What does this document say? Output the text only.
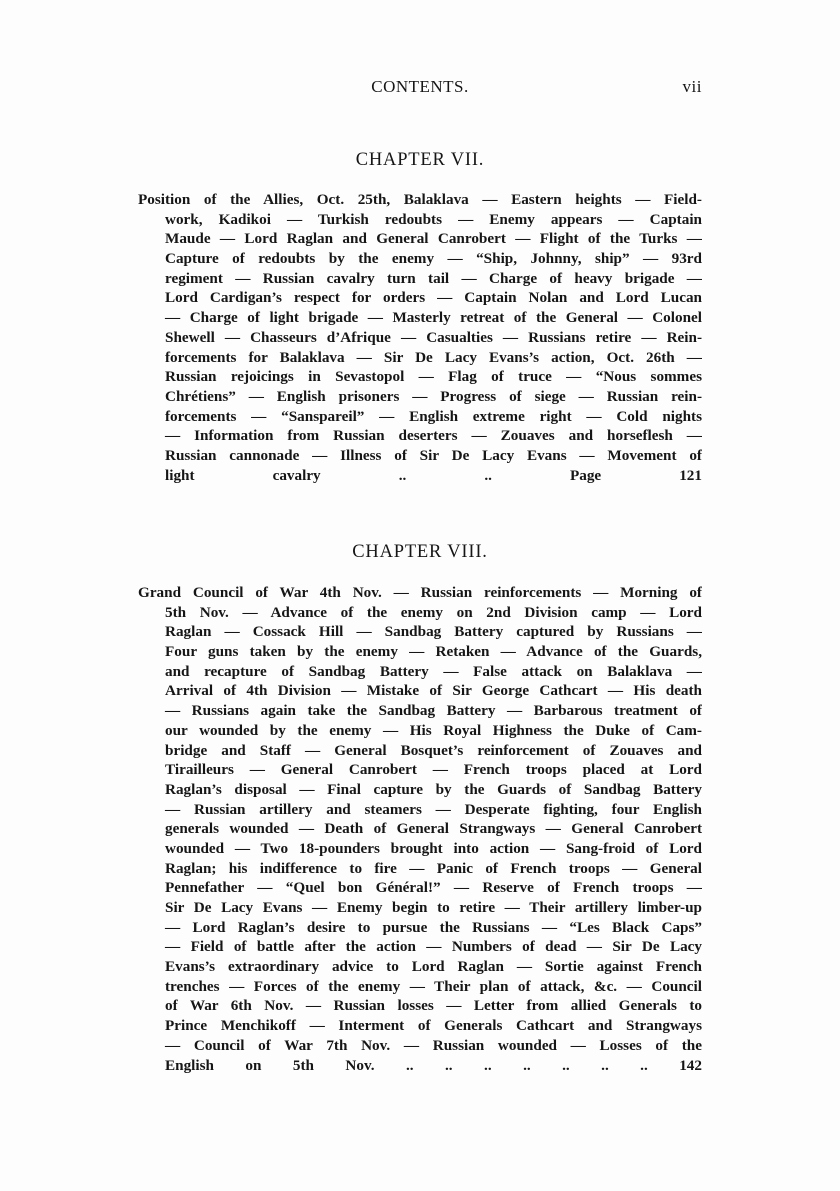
CONTENTS.	vii
CHAPTER VII.
Position of the Allies, Oct. 25th, Balaklava — Eastern heights — Field-
work, Kadikoi — Turkish redoubts — Enemy appears — Captain
Maude — Lord Raglan and General Canrobert — Flight of the Turks —
Capture of redoubts by the enemy — “Ship, Johnny, ship” — 93rd
regiment — Russian cavalry turn tail — Charge of heavy brigade —
Lord Cardigan’s respect for orders — Captain Nolan and Lord Lucan
— Charge of light brigade — Masterly retreat of the General — Colonel
Shewell — Chasseurs d’Afrique — Casualties — Russians retire — Rein-
forcements for Balaklava — Sir De Lacy Evans’s action, Oct. 26th —
Russian rejoicings in Sevastopol — Flag of truce — “Nous sommes
Chrétiens” — English prisoners — Progress of siege — Russian rein-
forcements — “Sanspareil” — English extreme right — Cold nights
— Information from Russian deserters — Zouaves and horseflesh —
Russian cannonade — Illness of Sir De Lacy Evans — Movement of
light cavalry .. .. Page 121
CHAPTER VIII.
Grand Council of War 4th Nov. — Russian reinforcements — Morning of
5th Nov. — Advance of the enemy on 2nd Division camp — Lord
Raglan — Cossack Hill — Sandbag Battery captured by Russians —
Four guns taken by the enemy — Retaken — Advance of the Guards,
and recapture of Sandbag Battery — False attack on Balaklava —
Arrival of 4th Division — Mistake of Sir George Cathcart — His death
— Russians again take the Sandbag Battery — Barbarous treatment of
our wounded by the enemy — His Royal Highness the Duke of Cam-
bridge and Staff — General Bosquet’s reinforcement of Zouaves and
Tirailleurs — General Canrobert — French troops placed at Lord
Raglan’s disposal — Final capture by the Guards of Sandbag Battery
— Russian artillery and steamers — Desperate fighting, four English
generals wounded — Death of General Strangways — General Canrobert
wounded — Two 18-pounders brought into action — Sang-froid of Lord
Raglan; his indifference to fire — Panic of French troops — General
Pennefather — “Quel bon Général!” — Reserve of French troops —
Sir De Lacy Evans — Enemy begin to retire — Their artillery limber-up
— Lord Raglan’s desire to pursue the Russians — “Les Black Caps”
— Field of battle after the action — Numbers of dead — Sir De Lacy
Evans’s extraordinary advice to Lord Raglan — Sortie against French
trenches — Forces of the enemy — Their plan of attack, &c. — Council
of War 6th Nov. — Russian losses — Letter from allied Generals to
Prince Menchikoff — Interment of Generals Cathcart and Strangways
— Council of War 7th Nov. — Russian wounded — Losses of the
English on 5th Nov. .. .. .. .. .. .. .. 142
